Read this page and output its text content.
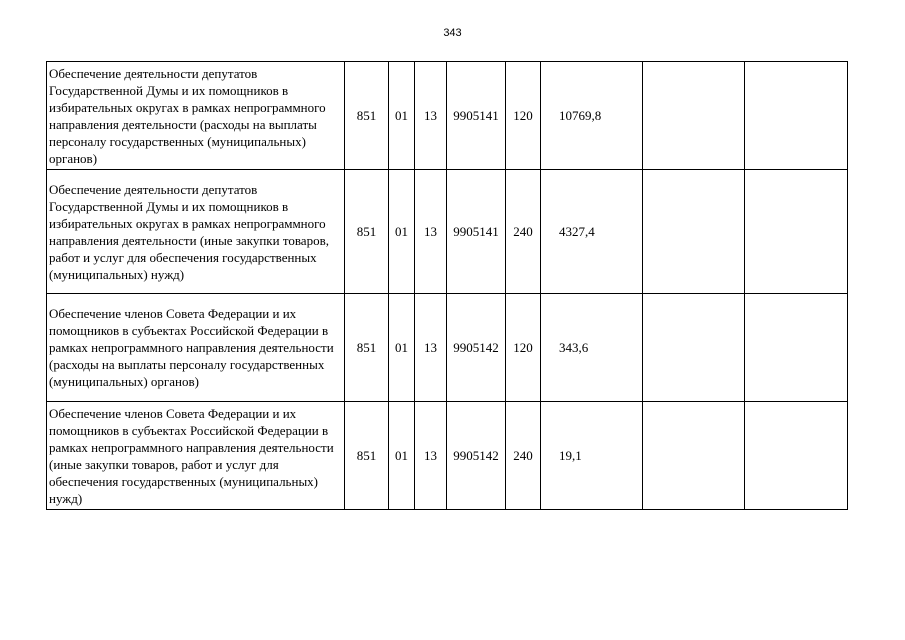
343
Обеспечение деятельности депутатов Государственной Думы и их помощников в избирательных округах в рамках непрограммного направления деятельности (расходы на выплаты персоналу государственных (муниципальных) органов)	851	01	13	9905141	120	10769,8		
Обеспечение деятельности депутатов Государственной Думы и их помощников в избирательных округах в рамках непрограммного направления деятельности (иные закупки товаров, работ и услуг для обеспечения государственных (муниципальных) нужд)	851	01	13	9905141	240	4327,4		
Обеспечение членов Совета Федерации и их помощников в субъектах Российской Федерации в рамках непрограммного направления деятельности (расходы на выплаты персоналу государственных (муниципальных) органов)	851	01	13	9905142	120	343,6		
Обеспечение членов Совета Федерации и их помощников в субъектах Российской Федерации в рамках непрограммного направления деятельности (иные закупки товаров, работ и услуг для обеспечения государственных (муниципальных) нужд)	851	01	13	9905142	240	19,1		
